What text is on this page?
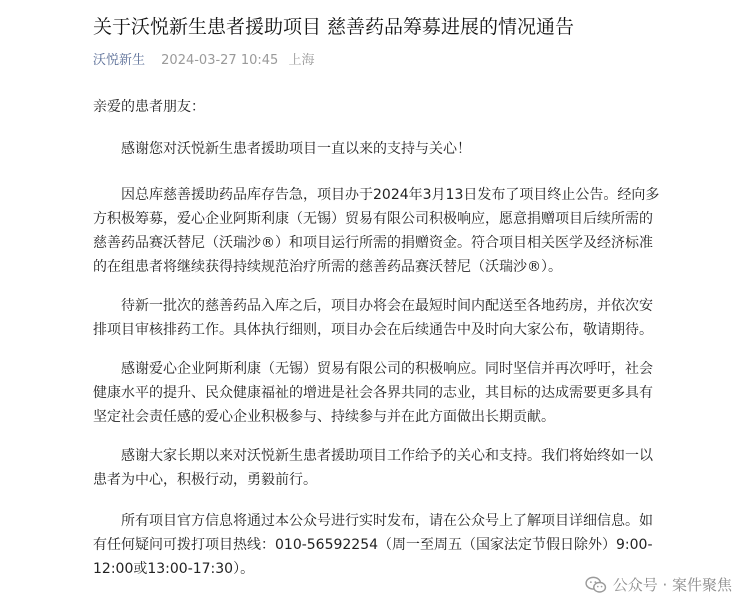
关于沃悦新生患者援助项目 慈善药品筹募进展的情况通告
沃悦新生 2024-03-27 10:45 上海
亲爱的患者朋友：

感谢您对沃悦新生患者援助项目一直以来的支持与关心！

因总库慈善援助药品库存告急，项目办于2024年3月13日发布了项目终止公告。经向多方积极筹募，爱心企业阿斯利康（无锡）贸易有限公司积极响应，愿意捐赠项目后续所需的慈善药品赛沃替尼（沃瑞沙®）和项目运行所需的捐赠资金。符合项目相关医学及经济标准的在组患者将继续获得持续规范治疗所需的慈善药品赛沃替尼（沃瑞沙®）。

待新一批次的慈善药品入库之后，项目办将会在最短时间内配送至各地药房，并依次安排项目审核排药工作。具体执行细则，项目办会在后续通告中及时向大家公布，敬请期待。

感谢爱心企业阿斯利康（无锡）贸易有限公司的积极响应。同时坚信并再次呼吁，社会健康水平的提升、民众健康福祉的增进是社会各界共同的志业，其目标的达成需要更多具有坚定社会责任感的爱心企业积极参与、持续参与并在此方面做出长期贡献。

感谢大家长期以来对沃悦新生患者援助项目工作给予的关心和支持。我们将始终如一以患者为中心，积极行动，勇毅前行。

所有项目官方信息将通过本公众号进行实时发布，请在公众号上了解项目详细信息。如有任何疑问可拨打项目热线：010-56592254（周一至周五（国家法定节假日除外）9:00-12:00或13:00-17:30）。

公众号 · 案件聚焦
